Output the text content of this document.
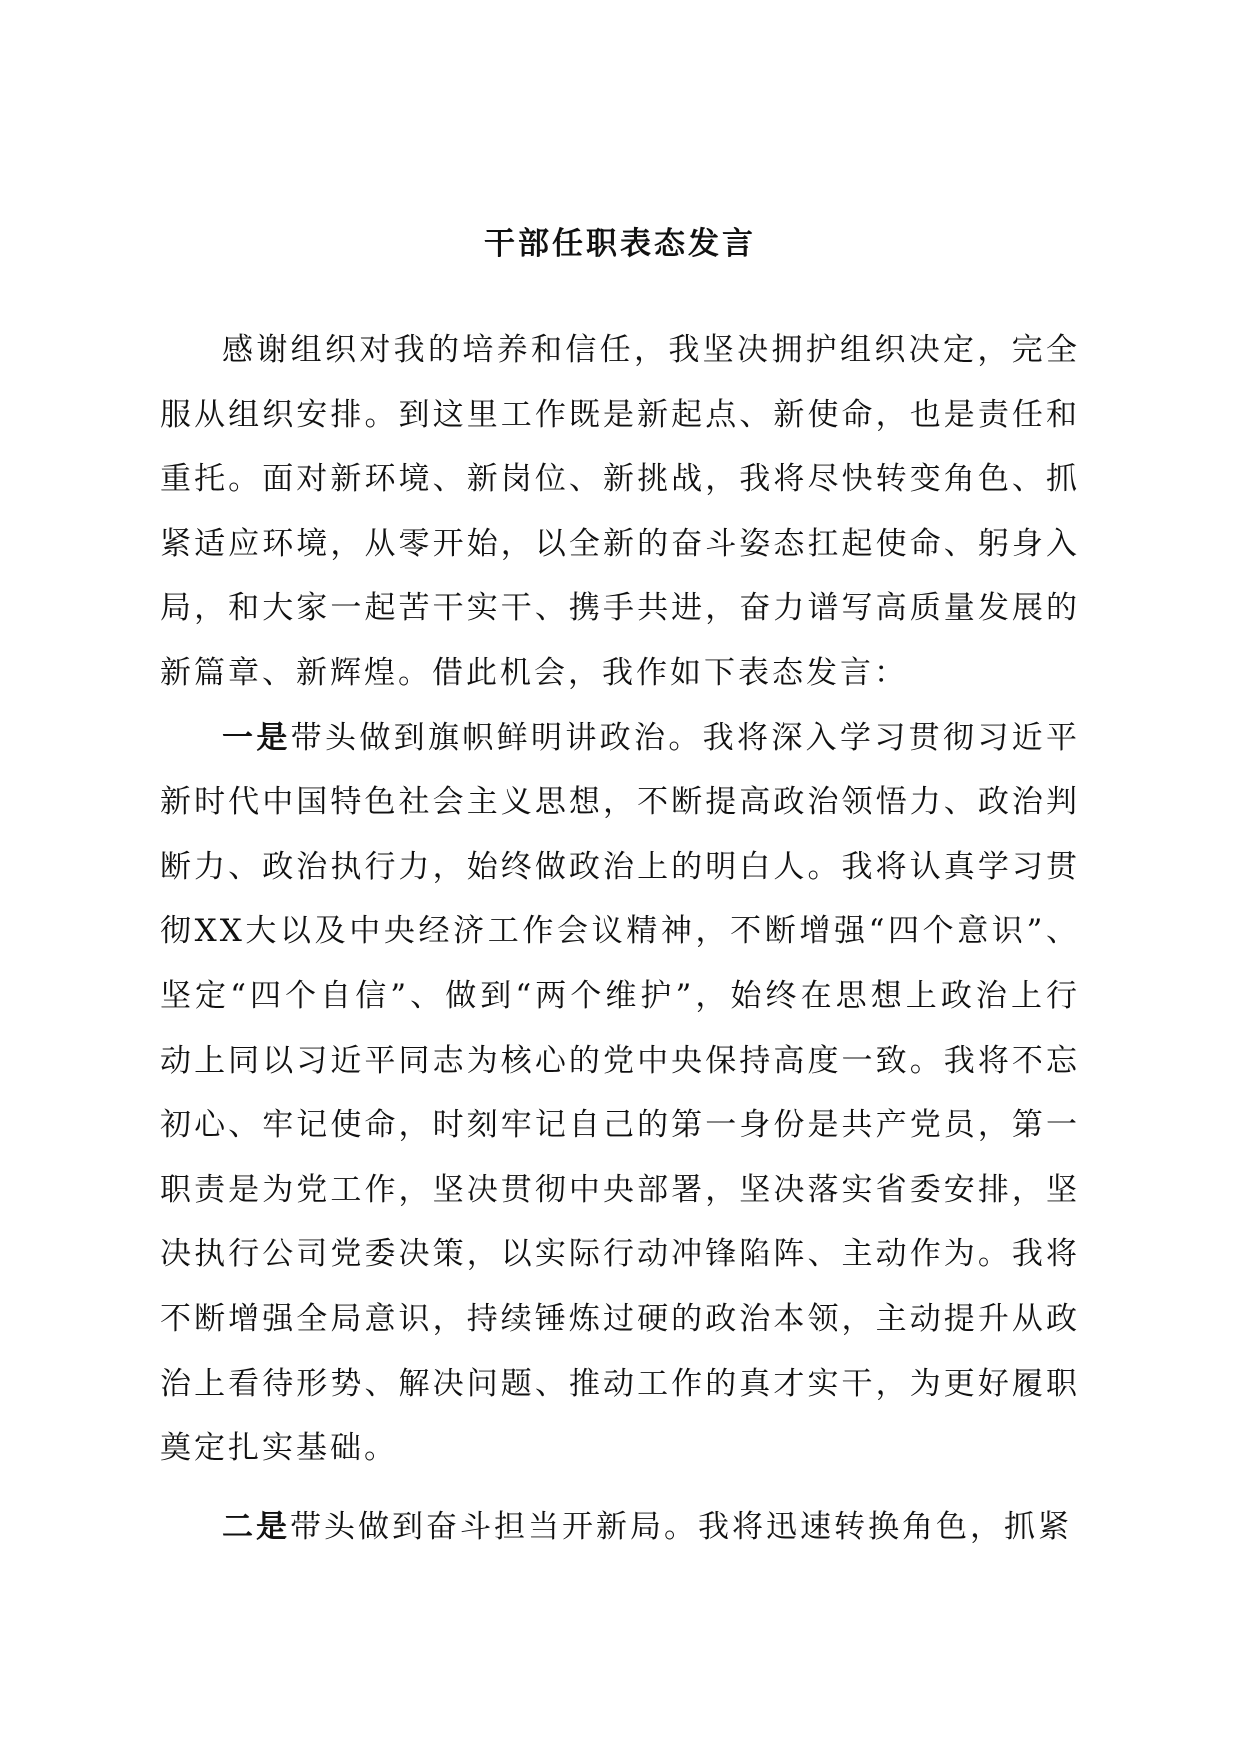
干部任职表态发言

感谢组织对我的培养和信任，我坚决拥护组织决定，完全服从组织安排。到这里工作既是新起点、新使命，也是责任和重托。面对新环境、新岗位、新挑战，我将尽快转变角色、抓紧适应环境，从零开始，以全新的奋斗姿态扛起使命、躬身入局，和大家一起苦干实干、携手共进，奋力谱写高质量发展的新篇章、新辉煌。借此机会，我作如下表态发言：

一是带头做到旗帜鲜明讲政治。我将深入学习贯彻习近平新时代中国特色社会主义思想，不断提高政治领悟力、政治判断力、政治执行力，始终做政治上的明白人。我将认真学习贯彻XX大以及中央经济工作会议精神，不断增强“四个意识”、坚定“四个自信”、做到“两个维护”，始终在思想上政治上行动上同以习近平同志为核心的党中央保持高度一致。我将不忘初心、牢记使命，时刻牢记自己的第一身份是共产党员，第一职责是为党工作，坚决贯彻中央部署，坚决落实省委安排，坚决执行公司党委决策，以实际行动冲锋陷阵、主动作为。我将不断增强全局意识，持续锤炼过硬的政治本领，主动提升从政治上看待形势、解决问题、推动工作的真才实干，为更好履职奠定扎实基础。

二是带头做到奋斗担当开新局。我将迅速转换角色，抓紧
